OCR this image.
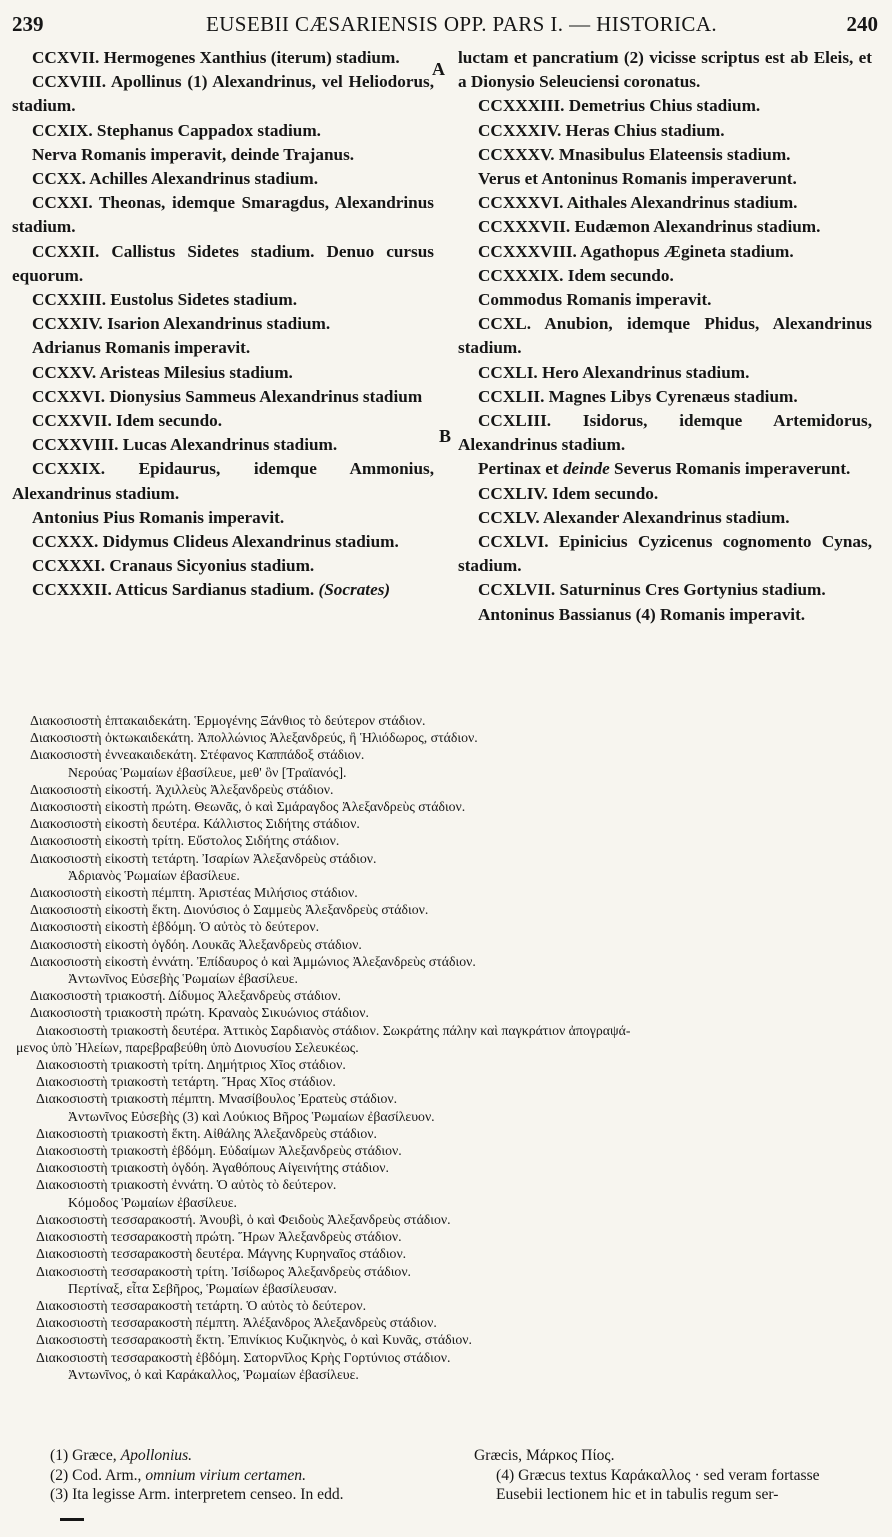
239	EUSEBII CÆSARIENSIS OPP. PARS I. — HISTORICA.	240
CCXVII. Hermogenes Xanthius (iterum) stadium.
CCXVIII. Apollinus (1) Alexandrinus, vel Heliodorus, stadium.
CCXIX. Stephanus Cappadox stadium.
Nerva Romanis imperavit, deinde Trajanus.
CCXX. Achilles Alexandrinus stadium.
CCXXI. Theonas, idemque Smaragdus, Alexandrinus stadium.
CCXXII. Callistus Sidetes stadium. Denuo cursus equorum.
CCXXIII. Eustolus Sidetes stadium.
CCXXIV. Isarion Alexandrinus stadium.
Adrianus Romanis imperavit.
CCXXV. Aristeas Milesius stadium.
CCXXVI. Dionysius Sammeus Alexandrinus stadium
CCXXVII. Idem secundo.
CCXXVIII. Lucas Alexandrinus stadium.
CCXXIX. Epidaurus, idemque Ammonius, Alexandrinus stadium.
Antonius Pius Romanis imperavit.
CCXXX. Didymus Clideus Alexandrinus stadium.
CCXXXI. Cranaus Sicyonius stadium.
CCXXXII. Atticus Sardianus stadium. (Socrates)
A
B
luctam et pancratium (2) vicisse scriptus est ab Eleis, et a Dionysio Seleuciensi coronatus.
CCXXXIII. Demetrius Chius stadium.
CCXXXIV. Heras Chius stadium.
CCXXXV. Mnasibulus Elateensis stadium.
Verus et Antoninus Romanis imperaverunt.
CCXXXVI. Aithales Alexandrinus stadium.
CCXXXVII. Eudæmon Alexandrinus stadium.
CCXXXVIII. Agathopus Ægineta stadium.
CCXXXIX. Idem secundo.
Commodus Romanis imperavit.
CCXL. Anubion, idemque Phidus, Alexandrinus stadium.
CCXLI. Hero Alexandrinus stadium.
CCXLII. Magnes Libys Cyrenæus stadium.
CCXLIII. Isidorus, idemque Artemidorus, Alexandrinus stadium.
Pertinax et deinde Severus Romanis imperaverunt.
CCXLIV. Idem secundo.
CCXLV. Alexander Alexandrinus stadium.
CCXLVI. Epinicius Cyzicenus cognomento Cynas, stadium.
CCXLVII. Saturninus Cres Gortynius stadium.
Antoninus Bassianus (4) Romanis imperavit.
Διακοσιοστὴ ἑπτακαιδεκάτη. Ἑρμογένης Ξάνθιος τὸ δεύτερον στάδιον.
Διακοσιοστὴ ὀκτωκαιδεκάτη. Ἀπολλώνιος Ἀλεξανδρεύς, ἢ Ἡλιόδωρος, στάδιον.
Διακοσιοστὴ ἐννεακαιδεκάτη. Στέφανος Καππάδοξ στάδιον.
Νερούας Ῥωμαίων ἐβασίλευε, μεθ' ὃν [Τραϊανός].
Διακοσιοστὴ εἰκοστή. Ἀχιλλεὺς Ἀλεξανδρεὺς στάδιον.
Διακοσιοστὴ εἰκοστὴ πρώτη. Θεωνᾶς, ὁ καὶ Σμάραγδος Ἀλεξανδρεὺς στάδιον.
Διακοσιοστὴ εἰκοστὴ δευτέρα. Κάλλιστος Σιδήτης στάδιον.
Διακοσιοστὴ εἰκοστὴ τρίτη. Εὔστολος Σιδήτης στάδιον.
Διακοσιοστὴ εἰκοστὴ τετάρτη. Ἰσαρίων Ἀλεξανδρεὺς στάδιον.
Ἀδριανὸς Ῥωμαίων ἐβασίλευε.
Διακοσιοστὴ εἰκοστὴ πέμπτη. Ἀριστέας Μιλήσιος στάδιον.
Διακοσιοστὴ εἰκοστὴ ἕκτη. Διονύσιος ὁ Σαμμεὺς Ἀλεξανδρεὺς στάδιον.
Διακοσιοστὴ εἰκοστὴ ἑβδόμη. Ὁ αὐτὸς τὸ δεύτερον.
Διακοσιοστὴ εἰκοστὴ ὀγδόη. Λουκᾶς Ἀλεξανδρεὺς στάδιον.
Διακοσιοστὴ εἰκοστὴ ἐννάτη. Ἐπίδαυρος ὁ καὶ Ἀμμώνιος Ἀλεξανδρεὺς στάδιον.
Ἀντωνῖνος Εὐσεβὴς Ῥωμαίων ἐβασίλευε.
Διακοσιοστὴ τριακοστή. Δίδυμος Ἀλεξανδρεὺς στάδιον.
Διακοσιοστὴ τριακοστὴ πρώτη. Κραναὸς Σικυώνιος στάδιον.
Διακοσιοστὴ τριακοστὴ δευτέρα. Ἀττικὸς Σαρδιανὸς στάδιον. Σωκράτης πάλην καὶ παγκράτιον ἀπογραψά-
μενος ὑπὸ Ἠλείων, παρεβραβεύθη ὑπὸ Διονυσίου Σελευκέως.
Διακοσιοστὴ τριακοστὴ τρίτη. Δημήτριος Χῖος στάδιον.
Διακοσιοστὴ τριακοστὴ τετάρτη. Ἥρας Χῖος στάδιον.
Διακοσιοστὴ τριακοστὴ πέμπτη. Μνασίβουλος Ἐρατεὺς στάδιον.
Ἀντωνῖνος Εὐσεβὴς (3) καὶ Λούκιος Βῆρος Ῥωμαίων ἐβασίλευον.
Διακοσιοστὴ τριακοστὴ ἕκτη. Αἰθάλης Ἀλεξανδρεὺς στάδιον.
Διακοσιοστὴ τριακοστὴ ἑβδόμη. Εὐδαίμων Ἀλεξανδρεὺς στάδιον.
Διακοσιοστὴ τριακοστὴ ὀγδόη. Ἀγαθόπους Αἰγεινήτης στάδιον.
Διακοσιοστὴ τριακοστὴ ἐννάτη. Ὁ αὐτὸς τὸ δεύτερον.
Κόμοδος Ῥωμαίων ἐβασίλευε.
Διακοσιοστὴ τεσσαρακοστή. Ἀνουβὶ, ὁ καὶ Φειδοὺς Ἀλεξανδρεὺς στάδιον.
Διακοσιοστὴ τεσσαρακοστὴ πρώτη. Ἥρων Ἀλεξανδρεὺς στάδιον.
Διακοσιοστὴ τεσσαρακοστὴ δευτέρα. Μάγνης Κυρηναῖος στάδιον.
Διακοσιοστὴ τεσσαρακοστὴ τρίτη. Ἰσίδωρος Ἀλεξανδρεὺς στάδιον.
Περτίναξ, εἶτα Σεβῆρος, Ῥωμαίων ἐβασίλευσαν.
Διακοσιοστὴ τεσσαρακοστὴ τετάρτη. Ὁ αὐτὸς τὸ δεύτερον.
Διακοσιοστὴ τεσσαρακοστὴ πέμπτη. Ἀλέξανδρος Ἀλεξανδρεὺς στάδιον.
Διακοσιοστὴ τεσσαρακοστὴ ἕκτη. Ἐπινίκιος Κυζικηνὸς, ὁ καὶ Κυνᾶς, στάδιον.
Διακοσιοστὴ τεσσαρακοστὴ ἑβδόμη. Σατορνῖλος Κρὴς Γορτύνιος στάδιον.
Ἀντωνῖνος, ὁ καὶ Καράκαλλος, Ῥωμαίων ἐβασίλευε.
(1) Græce, Apollonius.
(2) Cod. Arm., omnium virium certamen.
(3) Ita legisse Arm. interpretem censeo. In edd.
Græcis, Μάρκος Πίος.
(4) Græcus textus Καράκαλλος · sed veram fortasse Eusebii lectionem hic et in tabulis regum ser-
